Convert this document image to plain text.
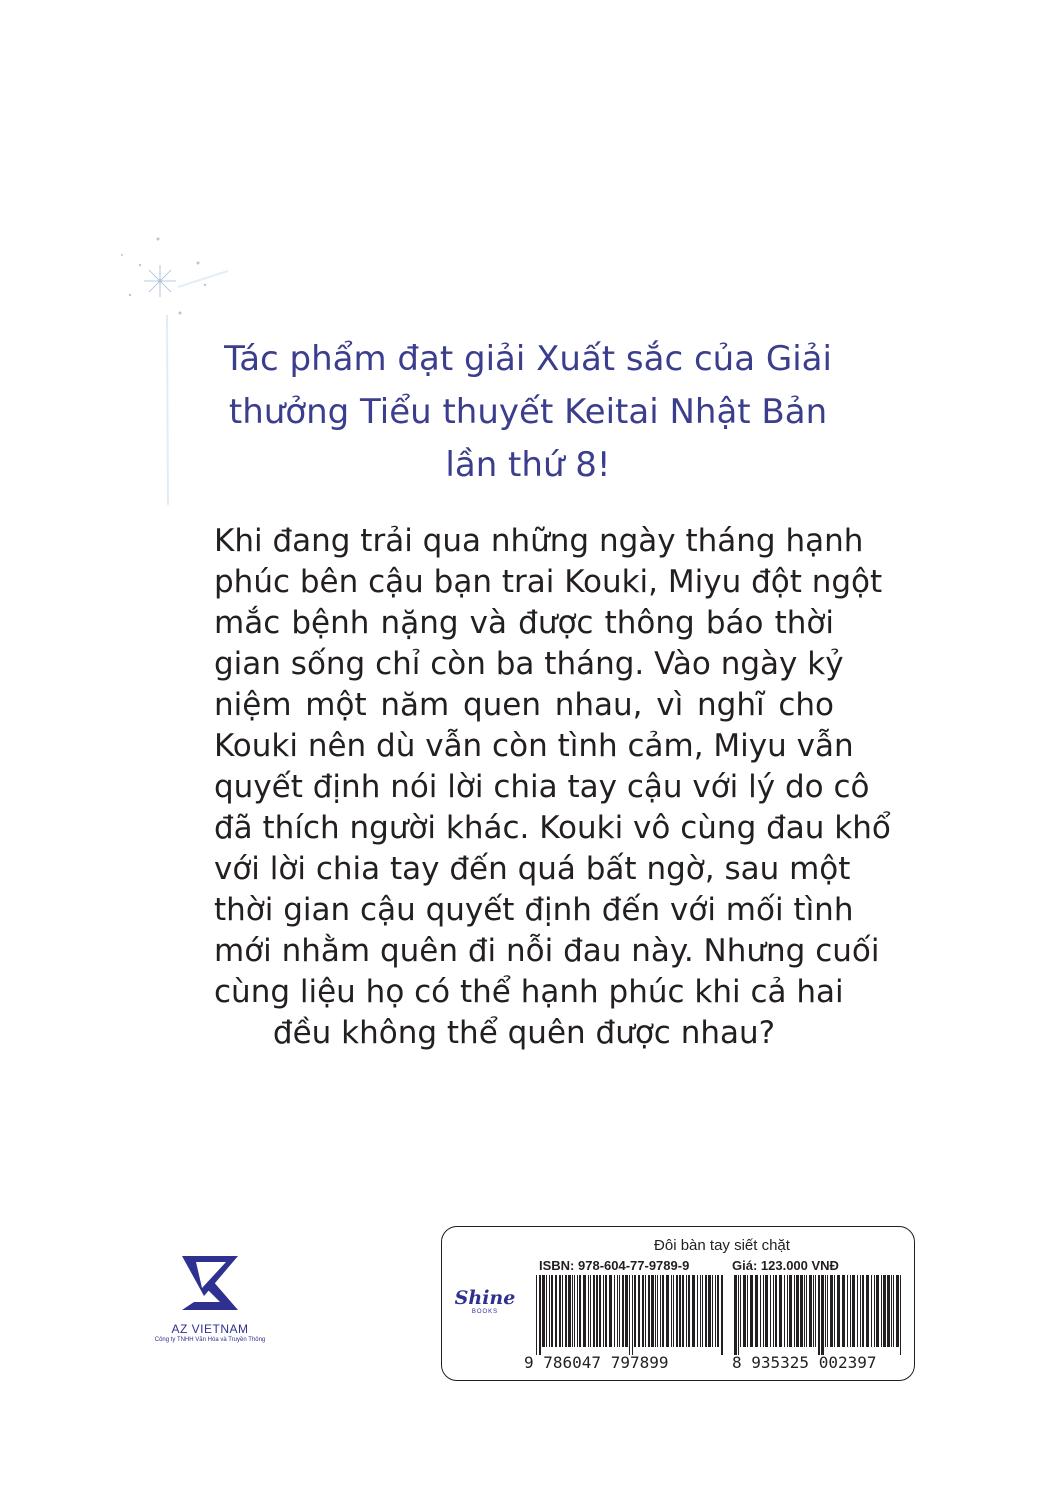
Tác phẩm đạt giải Xuất sắc của Giải
thưởng Tiểu thuyết Keitai Nhật Bản
lần thứ 8!
Khi đang trải qua những ngày tháng hạnh
phúc bên cậu bạn trai Kouki, Miyu đột ngột
mắc bệnh nặng và được thông báo thời
gian sống chỉ còn ba tháng. Vào ngày kỷ
niệm một năm quen nhau, vì nghĩ cho
Kouki nên dù vẫn còn tình cảm, Miyu vẫn
quyết định nói lời chia tay cậu với lý do cô
đã thích người khác. Kouki vô cùng đau khổ
với lời chia tay đến quá bất ngờ, sau một
thời gian cậu quyết định đến với mối tình
mới nhằm quên đi nỗi đau này. Nhưng cuối
cùng liệu họ có thể hạnh phúc khi cả hai
đều không thể quên được nhau?
AZ VIETNAM
Công ty TNHH Văn Hóa và Truyền Thông
Đôi bàn tay siết chặt
ISBN: 978-604-77-9789-9	Giá: 123.000 VNĐ
Shine
BOOKS
9 786047 797899	8 935325 002397
